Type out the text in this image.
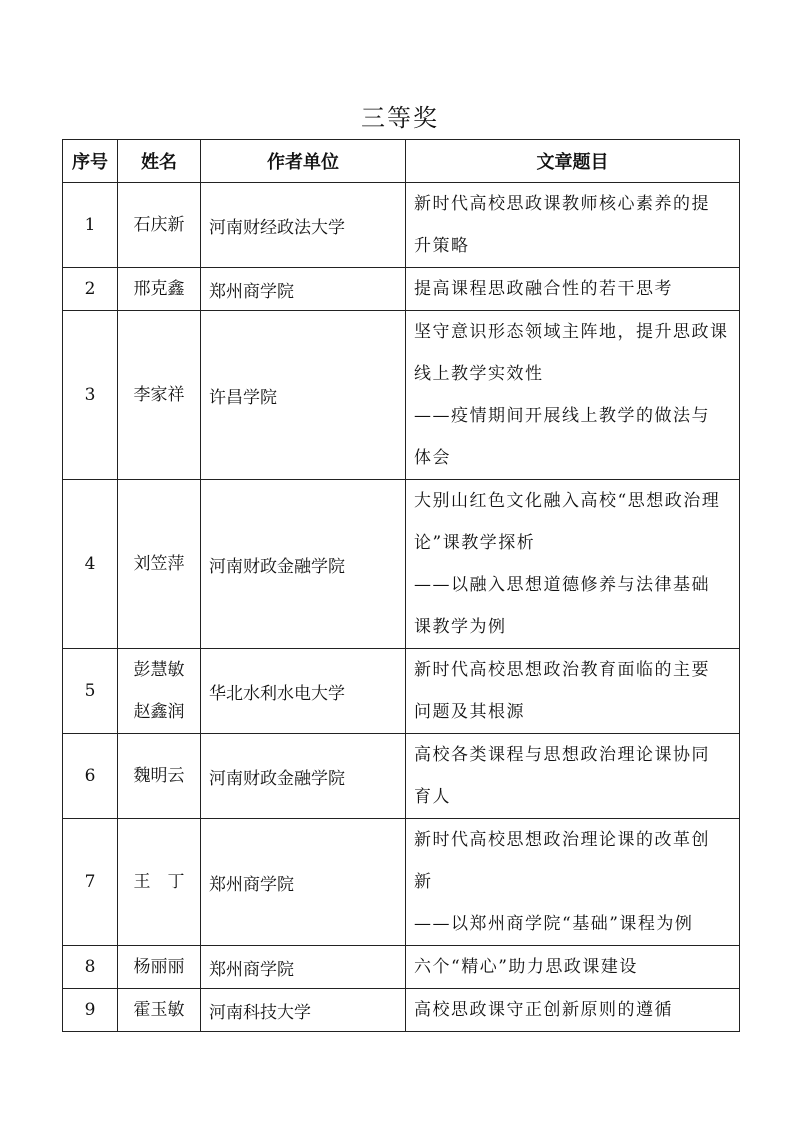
三等奖
序号	姓名	作者单位	文章题目
1	石庆新	河南财经政法大学	新时代高校思政课教师核心素养的提
升策略

2	邢克鑫	郑州商学院	提高课程思政融合性的若干思考

3	李家祥	许昌学院	坚守意识形态领域主阵地，提升思政课
线上教学实效性
——疫情期间开展线上教学的做法与
体会

4	刘笠萍	河南财政金融学院	大别山红色文化融入高校“思想政治理
论”课教学探析
——以融入思想道德修养与法律基础
课教学为例

5	彭慧敏
赵鑫润	华北水利水电大学	新时代高校思想政治教育面临的主要
问题及其根源

6	魏明云	河南财政金融学院	高校各类课程与思想政治理论课协同
育人

7	王　丁	郑州商学院	新时代高校思想政治理论课的改革创
新
——以郑州商学院“基础”课程为例

8	杨丽丽	郑州商学院	六个“精心”助力思政课建设

9	霍玉敏	河南科技大学	高校思政课守正创新原则的遵循
